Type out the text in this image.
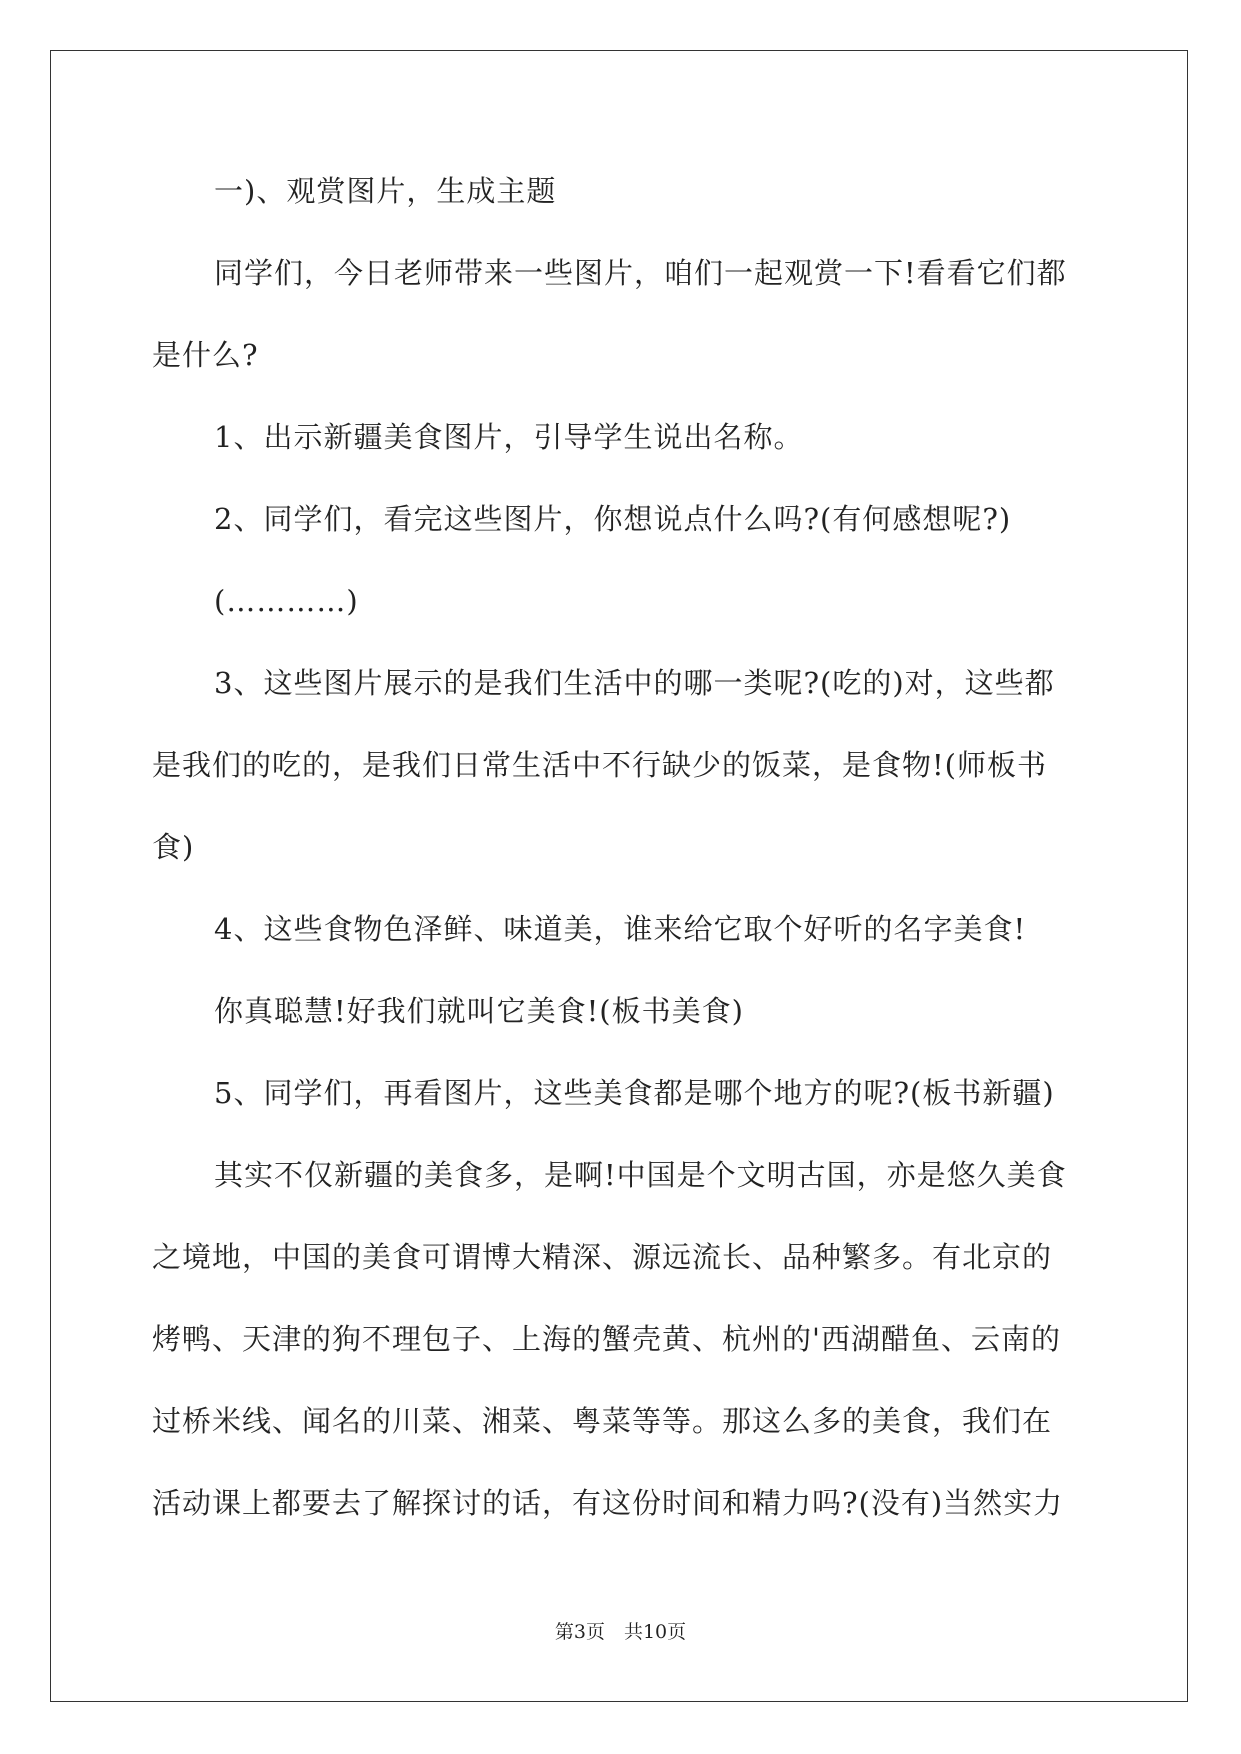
一)、观赏图片，生成主题

同学们，今日老师带来一些图片，咱们一起观赏一下!看看它们都
是什么?

1、出示新疆美食图片，引导学生说出名称。

2、同学们，看完这些图片，你想说点什么吗?(有何感想呢?)

(…………)

3、这些图片展示的是我们生活中的哪一类呢?(吃的)对，这些都
是我们的吃的，是我们日常生活中不行缺少的饭菜，是食物!(师板书
食)

4、这些食物色泽鲜、味道美，谁来给它取个好听的名字美食!

你真聪慧!好我们就叫它美食!(板书美食)

5、同学们，再看图片，这些美食都是哪个地方的呢?(板书新疆)

其实不仅新疆的美食多，是啊!中国是个文明古国，亦是悠久美食
之境地，中国的美食可谓博大精深、源远流长、品种繁多。有北京的
烤鸭、天津的狗不理包子、上海的蟹壳黄、杭州的'西湖醋鱼、云南的
过桥米线、闻名的川菜、湘菜、粤菜等等。那这么多的美食，我们在
活动课上都要去了解探讨的话，有这份时间和精力吗?(没有)当然实力

第3页　共10页
